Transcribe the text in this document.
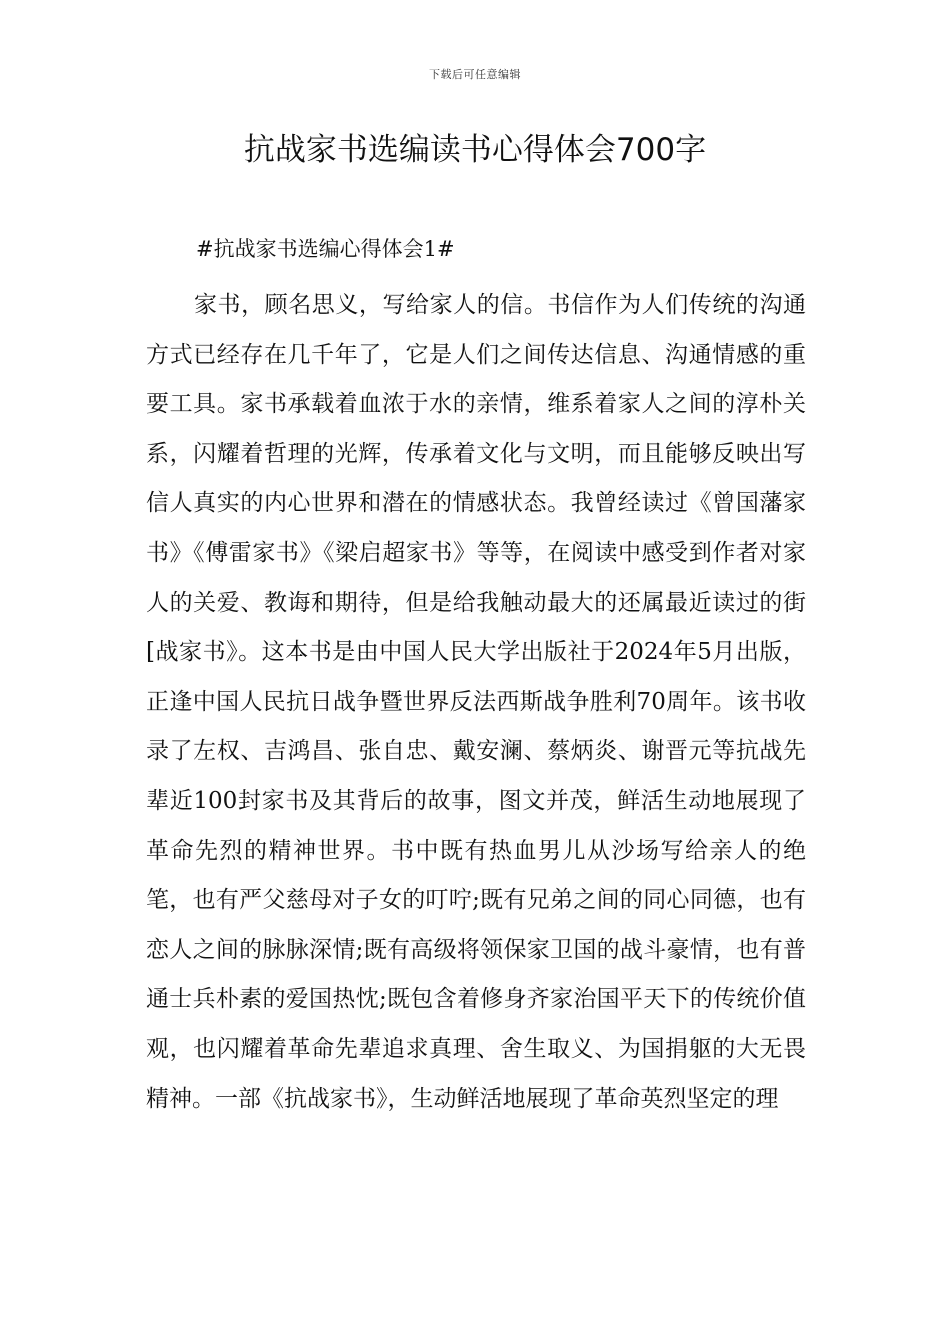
下载后可任意编辑
抗战家书选编读书心得体会700字
#抗战家书选编心得体会1#

家书，顾名思义，写给家人的信。书信作为人们传统的沟通方式已经存在几千年了，它是人们之间传达信息、沟通情感的重要工具。家书承载着血浓于水的亲情，维系着家人之间的淳朴关系，闪耀着哲理的光辉，传承着文化与文明，而且能够反映出写信人真实的内心世界和潜在的情感状态。我曾经读过《曾国藩家书》《傅雷家书》《梁启超家书》等等，在阅读中感受到作者对家人的关爱、教诲和期待，但是给我触动最大的还属最近读过的街[战家书》。这本书是由中国人民大学出版社于2024年5月出版，正逢中国人民抗日战争暨世界反法西斯战争胜利70周年。该书收录了左权、吉鸿昌、张自忠、戴安澜、蔡炳炎、谢晋元等抗战先辈近100封家书及其背后的故事，图文并茂，鲜活生动地展现了革命先烈的精神世界。书中既有热血男儿从沙场写给亲人的绝笔，也有严父慈母对子女的叮咛;既有兄弟之间的同心同德，也有恋人之间的脉脉深情;既有高级将领保家卫国的战斗豪情，也有普通士兵朴素的爱国热忱;既包含着修身齐家治国平天下的传统价值观，也闪耀着革命先辈追求真理、舍生取义、为国捐躯的大无畏精神。一部《抗战家书》，生动鲜活地展现了革命英烈坚定的理
